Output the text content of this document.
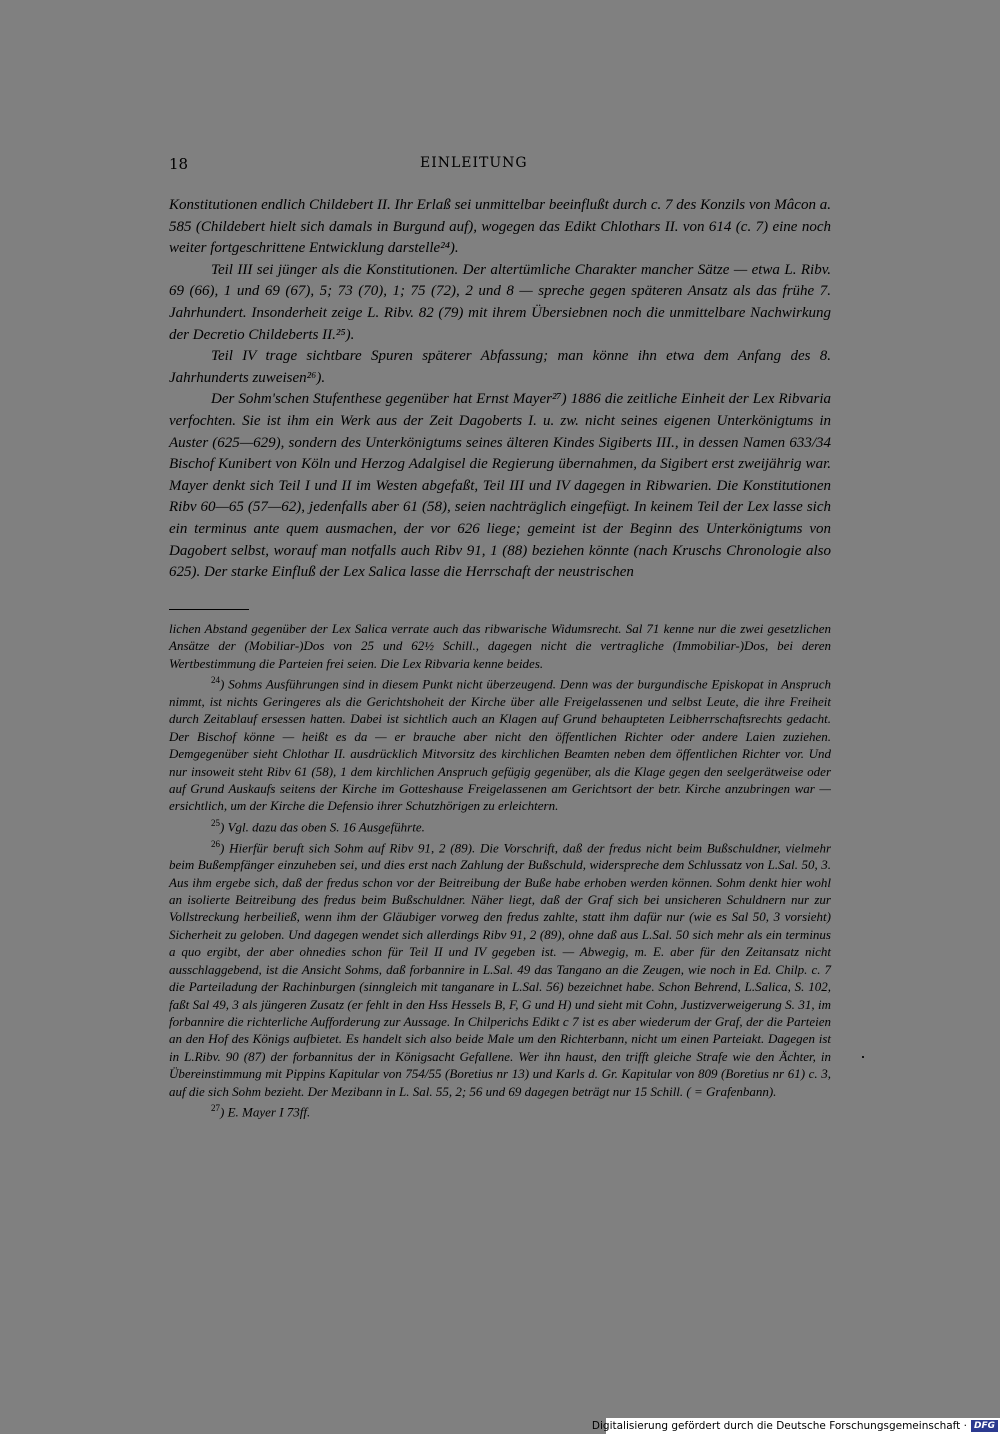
18	EINLEITUNG

Konstitutionen endlich Childebert II. Ihr Erlaß sei unmittelbar beeinflußt durch c. 7 des Konzils von Mâcon a. 585 (Childebert hielt sich damals in Burgund auf), wogegen das Edikt Chlothars II. von 614 (c. 7) eine noch weiter fortgeschrittene Entwicklung darstelle²⁴).

Teil III sei jünger als die Konstitutionen. Der altertümliche Charakter mancher Sätze — etwa L. Ribv. 69 (66), 1 und 69 (67), 5; 73 (70), 1; 75 (72), 2 und 8 — spreche gegen späteren Ansatz als das frühe 7. Jahrhundert. Insonderheit zeige L. Ribv. 82 (79) mit ihrem Übersiebnen noch die unmittelbare Nachwirkung der Decretio Childeberts II.²⁵).

Teil IV trage sichtbare Spuren späterer Abfassung; man könne ihn etwa dem Anfang des 8. Jahrhunderts zuweisen²⁶).

Der Sohm'schen Stufenthese gegenüber hat Ernst Mayer²⁷) 1886 die zeitliche Einheit der Lex Ribvaria verfochten. Sie ist ihm ein Werk aus der Zeit Dagoberts I. u. zw. nicht seines eigenen Unterkönigtums in Auster (625—629), sondern des Unterkönigtums seines älteren Kindes Sigiberts III., in dessen Namen 633/34 Bischof Kunibert von Köln und Herzog Adalgisel die Regierung übernahmen, da Sigibert erst zweijährig war. Mayer denkt sich Teil I und II im Westen abgefaßt, Teil III und IV dagegen in Ribwarien. Die Konstitutionen Ribv 60—65 (57—62), jedenfalls aber 61 (58), seien nachträglich eingefügt. In keinem Teil der Lex lasse sich ein terminus ante quem ausmachen, der vor 626 liege; gemeint ist der Beginn des Unterkönigtums von Dagobert selbst, worauf man notfalls auch Ribv 91, 1 (88) beziehen könnte (nach Kruschs Chronologie also 625). Der starke Einfluß der Lex Salica lasse die Herrschaft der neustrischen

lichen Abstand gegenüber der Lex Salica verrate auch das ribwarische Widumsrecht. Sal 71 kenne nur die zwei gesetzlichen Ansätze der (Mobiliar-)Dos von 25 und 62½ Schill., dagegen nicht die vertragliche (Immobiliar-)Dos, bei deren Wertbestimmung die Parteien frei seien. Die Lex Ribvaria kenne beides.

$^{24}$) Sohms Ausführungen sind in diesem Punkt nicht überzeugend. Denn was der burgundische Episkopat in Anspruch nimmt, ist nichts Geringeres als die Gerichtshoheit der Kirche über alle Freigelassenen und selbst Leute, die ihre Freiheit durch Zeitablauf ersessen hatten. Dabei ist sichtlich auch an Klagen auf Grund behaupteten Leibherrschaftsrechts gedacht. Der Bischof könne — heißt es da — er brauche aber nicht den öffentlichen Richter oder andere Laien zuziehen. Demgegenüber sieht Chlothar II. ausdrücklich Mitvorsitz des kirchlichen Beamten neben dem öffentlichen Richter vor. Und nur insoweit steht Ribv 61 (58), 1 dem kirchlichen Anspruch gefügig gegenüber, als die Klage gegen den seelgerätweise oder auf Grund Auskaufs seitens der Kirche im Gotteshause Freigelassenen am Gerichtsort der betr. Kirche anzubringen war — ersichtlich, um der Kirche die Defensio ihrer Schutzhörigen zu erleichtern.

$^{25}$) Vgl. dazu das oben S. 16 Ausgeführte.

$^{26}$) Hierfür beruft sich Sohm auf Ribv 91, 2 (89). Die Vorschrift, daß der fredus nicht beim Bußschuldner, vielmehr beim Bußempfänger einzuheben sei, und dies erst nach Zahlung der Bußschuld, widerspreche dem Schlussatz von L.Sal. 50, 3. Aus ihm ergebe sich, daß der fredus schon vor der Beitreibung der Buße habe erhoben werden können. Sohm denkt hier wohl an isolierte Beitreibung des fredus beim Bußschuldner. Näher liegt, daß der Graf sich bei unsicheren Schuldnern nur zur Vollstreckung herbeiließ, wenn ihm der Gläubiger vorweg den fredus zahlte, statt ihm dafür nur (wie es Sal 50, 3 vorsieht) Sicherheit zu geloben. Und dagegen wendet sich allerdings Ribv 91, 2 (89), ohne daß aus L.Sal. 50 sich mehr als ein terminus a quo ergibt, der aber ohnedies schon für Teil II und IV gegeben ist. — Abwegig, m. E. aber für den Zeitansatz nicht ausschlaggebend, ist die Ansicht Sohms, daß forbannire in L.Sal. 49 das Tangano an die Zeugen, wie noch in Ed. Chilp. c. 7 die Parteiladung der Rachinburgen (sinngleich mit tanganare in L.Sal. 56) bezeichnet habe. Schon Behrend, L.Salica, S. 102, faßt Sal 49, 3 als jüngeren Zusatz (er fehlt in den Hss Hessels B, F, G und H) und sieht mit Cohn, Justizverweigerung S. 31, im forbannire die richterliche Aufforderung zur Aussage. In Chilperichs Edikt c 7 ist es aber wiederum der Graf, der die Parteien an den Hof des Königs aufbietet. Es handelt sich also beide Male um den Richterbann, nicht um einen Parteiakt. Dagegen ist in L.Ribv. 90 (87) der forbannitus der in Königsacht Gefallene. Wer ihn haust, den trifft gleiche Strafe wie den Ächter, in Übereinstimmung mit Pippins Kapitular von 754/55 (Boretius nr 13) und Karls d. Gr. Kapitular von 809 (Boretius nr 61) c. 3, auf die sich Sohm bezieht. Der Mezibann in L. Sal. 55, 2; 56 und 69 dagegen beträgt nur 15 Schill. ( = Grafenbann).

$^{27}$) E. Mayer I 73ff.

Digitalisierung gefördert durch die Deutsche Forschungsgemeinschaft · DFG
